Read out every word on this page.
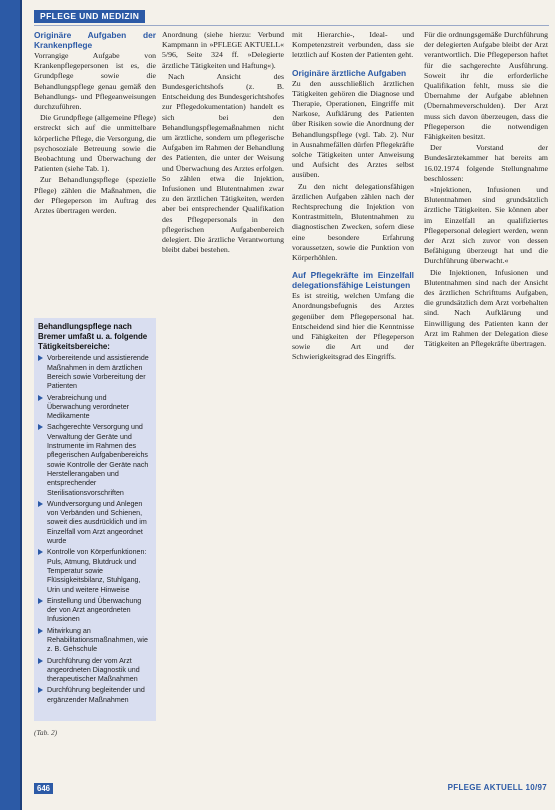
PFLEGE UND MEDIZIN
Originäre Aufgaben der Krankenpflege

Vorrangige Aufgabe von Krankenpflegepersonen ist es, die Grundpflege sowie die Behandlungspflege genau gemäß den Behandlungs- und Pflegeanweisungen durchzuführen.

Die Grundpflege (allgemeine Pflege) erstreckt sich auf die unmittelbare körperliche Pflege, die Versorgung, die psychosoziale Betreuung sowie die Beobachtung und Überwachung der Patienten (siehe Tab. 1).

Zur Behandlungspflege (spezielle Pflege) zählen die Maßnahmen, die der Pflegeperson im Auftrag des Arztes übertragen werden.

Behandlungspflege nach Bremer umfaßt u. a. folgende Tätigkeitsbereiche:

Vorbereitende und assistierende Maßnahmen in dem ärztlichen Bereich sowie Vorbereitung der Patienten
Verabreichung und Überwachung verordneter Medikamente
Sachgerechte Versorgung und Verwaltung der Geräte und Instrumente im Rahmen des pflegerischen Aufgabenbereichs sowie Kontrolle der Geräte nach Herstellerangaben und entsprechender Sterilisationsvorschriften
Wundversorgung und Anlegen von Verbänden und Schienen, soweit dies ausdrücklich und im Einzelfall vom Arzt angeordnet wurde
Kontrolle von Körperfunktionen: Puls, Atmung, Blutdruck und Temperatur sowie Flüssigkeitsbilanz, Stuhlgang, Urin und weitere Hinweise
Einstellung und Überwachung der von Arzt angeordneten Infusionen
Mitwirkung an Rehabilitationsmaßnahmen, wie z. B. Gehschule
Durchführung der vom Arzt angeordneten Diagnostik und therapeutischer Maßnahmen
Durchführung begleitender und ergänzender Maßnahmen
(Tab. 2)

Anordnung (siehe hierzu: Verbund Kampmann in »PFLEGE AKTUELL« 5/96, Seite 324 ff. »Delegierte ärztliche Tätigkeiten und Haftung«).

Nach Ansicht des Bundesgerichtshofs (z. B. Entscheidung des Bundesgerichtshofes zur Pflegedokumentation) handelt es sich bei den Behandlungspflegemaßnahmen nicht um ärztliche, sondern um pflegerische Aufgaben im Rahmen der Behandlung des Patienten, die unter der Weisung und Überwachung des Arztes erfolgen. So zählen etwa die Injektion, Infusionen und Blutentnahmen zwar zu den ärztlichen Tätigkeiten, werden aber bei entsprechender Qualifikation des Pflegepersonals in den pflegerischen Aufgabenbereich delegiert. Die ärztliche Verantwortung bleibt dabei bestehen.

mit Hierarchie-, Ideal- und Kompetenzstreit verbunden, dass sie letztlich auf Kosten der Patienten geht.

Originäre ärztliche Aufgaben

Zu den ausschließlich ärztlichen Tätigkeiten gehören die Diagnose und Therapie, Operationen, Eingriffe mit Narkose, Aufklärung des Patienten über Risiken sowie die Anordnung der Behandlungspflege (vgl. Tab. 2). Nur in Ausnahmefällen dürfen Pflegekräfte solche Tätigkeiten unter Anweisung und Aufsicht des Arztes selbst ausüben.

Zu den nicht delegationsfähigen ärztlichen Aufgaben zählen nach der Rechtsprechung die Injektion von Kontrastmitteln, Blutentnahmen zu diagnostischen Zwecken, sofern diese eine besondere Erfahrung voraussetzen, sowie die Punktion von Körperhöhlen.

Auf Pflegekräfte im Einzelfall delegationsfähige Leistungen

Es ist streitig, welchen Umfang die Anordnungsbefugnis des Arztes gegenüber dem Pflegepersonal hat. Entscheidend sind hier die Kenntnisse und Fähigkeiten der Pflegeperson sowie die Art und der Schwierigkeitsgrad des Eingriffs.

Für die ordnungsgemäße Durchführung der delegierten Aufgabe bleibt der Arzt verantwortlich. Die Pflegeperson haftet für die sachgerechte Ausführung. Soweit ihr die erforderliche Qualifikation fehlt, muss sie die Übernahme der Aufgabe ablehnen (Übernahmeverschulden). Der Arzt muss sich davon überzeugen, dass die Pflegeperson die notwendigen Fähigkeiten besitzt.

Der Vorstand der Bundesärztekammer hat bereits am 16.02.1974 folgende Stellungnahme beschlossen:

»Injektionen, Infusionen und Blutentnahmen sind grundsätzlich ärztliche Tätigkeiten. Sie können aber im Einzelfall an qualifiziertes Pflegepersonal delegiert werden, wenn der Arzt sich zuvor von dessen Befähigung überzeugt hat und die Durchführung überwacht.«

Die Injektionen, Infusionen und Blutentnahmen sind nach der Ansicht des ärztlichen Schrifttums Aufgaben, die grundsätzlich dem Arzt vorbehalten sind. Nach Aufklärung und Einwilligung des Patienten kann der Arzt im Rahmen der Delegation diese Tätigkeiten an Pflegekräfte übertragen.

646	PFLEGE AKTUELL 10/97
